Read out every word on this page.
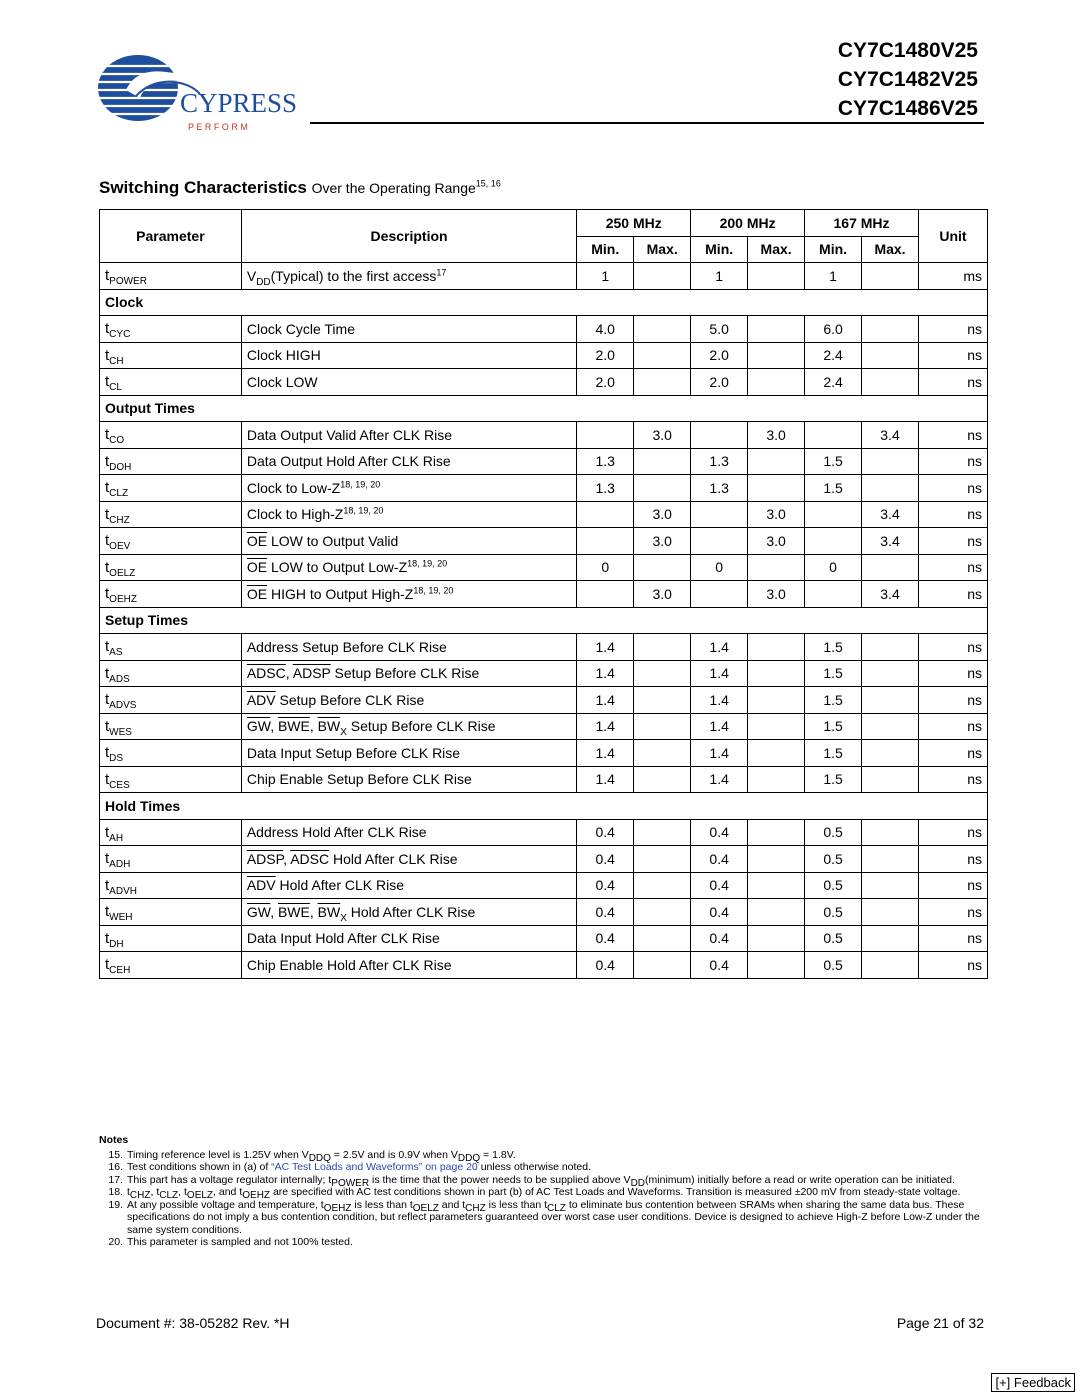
CYPRESS
P E R F O R M
CY7C1480V25
CY7C1482V25
CY7C1486V25
Switching Characteristics Over the Operating Range$^{15, 16}$
Parameter	Description	250 MHz		200 MHz		167 MHz		Unit
		Min.	Max.	Min.	Max.	Min.	Max.	
$t_{POWER}$	$V_{DD}(Typical)$ to the first access$^{17}$	1		1		1		ms
Clock								
$t_{CYC}$	Clock Cycle Time	4.0		5.0		6.0		ns
$t_{CH}$	Clock HIGH	2.0		2.0		2.4		ns
$t_{CL}$	Clock LOW	2.0		2.0		2.4		ns
Output Times								
$t_{CO}$	Data Output Valid After CLK Rise		3.0		3.0		3.4	ns
$t_{DOH}$	Data Output Hold After CLK Rise	1.3		1.3		1.5		ns
$t_{CLZ}$	Clock to Low-$Z^{18, 19, 20}$	1.3		1.3		1.5		ns
$t_{CHZ}$	Clock to High-$Z^{18, 19, 20}$		3.0		3.0		3.4	ns
$t_{OEV}$	$\overline{OE}$ LOW to Output Valid		3.0		3.0		3.4	ns
$t_{OELZ}$	$\overline{OE}$ LOW to Output Low-$Z^{18, 19, 20}$	0		0		0		ns
$t_{OEHZ}$	$\overline{OE}$ HIGH to Output High-$Z^{18, 19, 20}$		3.0		3.0		3.4	ns
Setup Times								
$t_{AS}$	Address Setup Before CLK Rise	1.4		1.4		1.5		ns
$t_{ADS}$	ADSC, ADSP Setup Before CLK Rise	1.4		1.4		1.5		ns
$t_{ADVS}$	$\overline{ADV}$ Setup Before CLK Rise	1.4		1.4		1.5		ns
$t_{WES}$	$\overline{GW}$, $\overline{BWE}$, $\overline{BW}_X$ Setup Before CLK Rise	1.4		1.4		1.5		ns
$t_{DS}$	Data Input Setup Before CLK Rise	1.4		1.4		1.5		ns
$t_{CES}$	Chip Enable Setup Before CLK Rise	1.4		1.4		1.5		ns
Hold Times								
$t_{AH}$	Address Hold After CLK Rise	0.4		0.4		0.5		ns
$t_{ADH}$	ADSP, ADSC Hold After CLK Rise	0.4		0.4		0.5		ns
$t_{ADVH}$	$\overline{ADV}$ Hold After CLK Rise	0.4		0.4		0.5		ns
$t_{WEH}$	$\overline{GW}$, $\overline{BWE}$, $\overline{BW}_X$ Hold After CLK Rise	0.4		0.4		0.5		ns
$t_{DH}$	Data Input Hold After CLK Rise	0.4		0.4		0.5		ns
$t_{CEH}$	Chip Enable Hold After CLK Rise	0.4		0.4		0.5		ns
Notes
15. Timing reference level is 1.25V when $V_{DDQ} = 2.5V$ and is 0.9V when $V_{DDQ} = 1.8V$.
16. Test conditions shown in (a) of “AC Test Loads and Waveforms” on page 20 unless otherwise noted.
17. This part has a voltage regulator internally; $t_{POWER}$ is the time that the power needs to be supplied above $V_{DD}(minimum)$ initially before a read or write operation can be initiated.
18. $t_{CHZ}$, $t_{CLZ}$, $t_{OELZ}$, and $t_{OEHZ}$ are specified with AC test conditions shown in part (b) of AC Test Loads and Waveforms. Transition is measured ±200 mV from steady-state voltage.
19. At any possible voltage and temperature, $t_{OEHZ}$ is less than $t_{OELZ}$ and $t_{CHZ}$ is less than $t_{CLZ}$ to eliminate bus contention between SRAMs when sharing the same data bus. These specifications do not imply a bus contention condition, but reflect parameters guaranteed over worst case user conditions. Device is designed to achieve High-Z before Low-Z under the same system conditions.
20. This parameter is sampled and not 100% tested.
Document #: 38-05282 Rev. *H	Page 21 of 32
[+] Feedback
